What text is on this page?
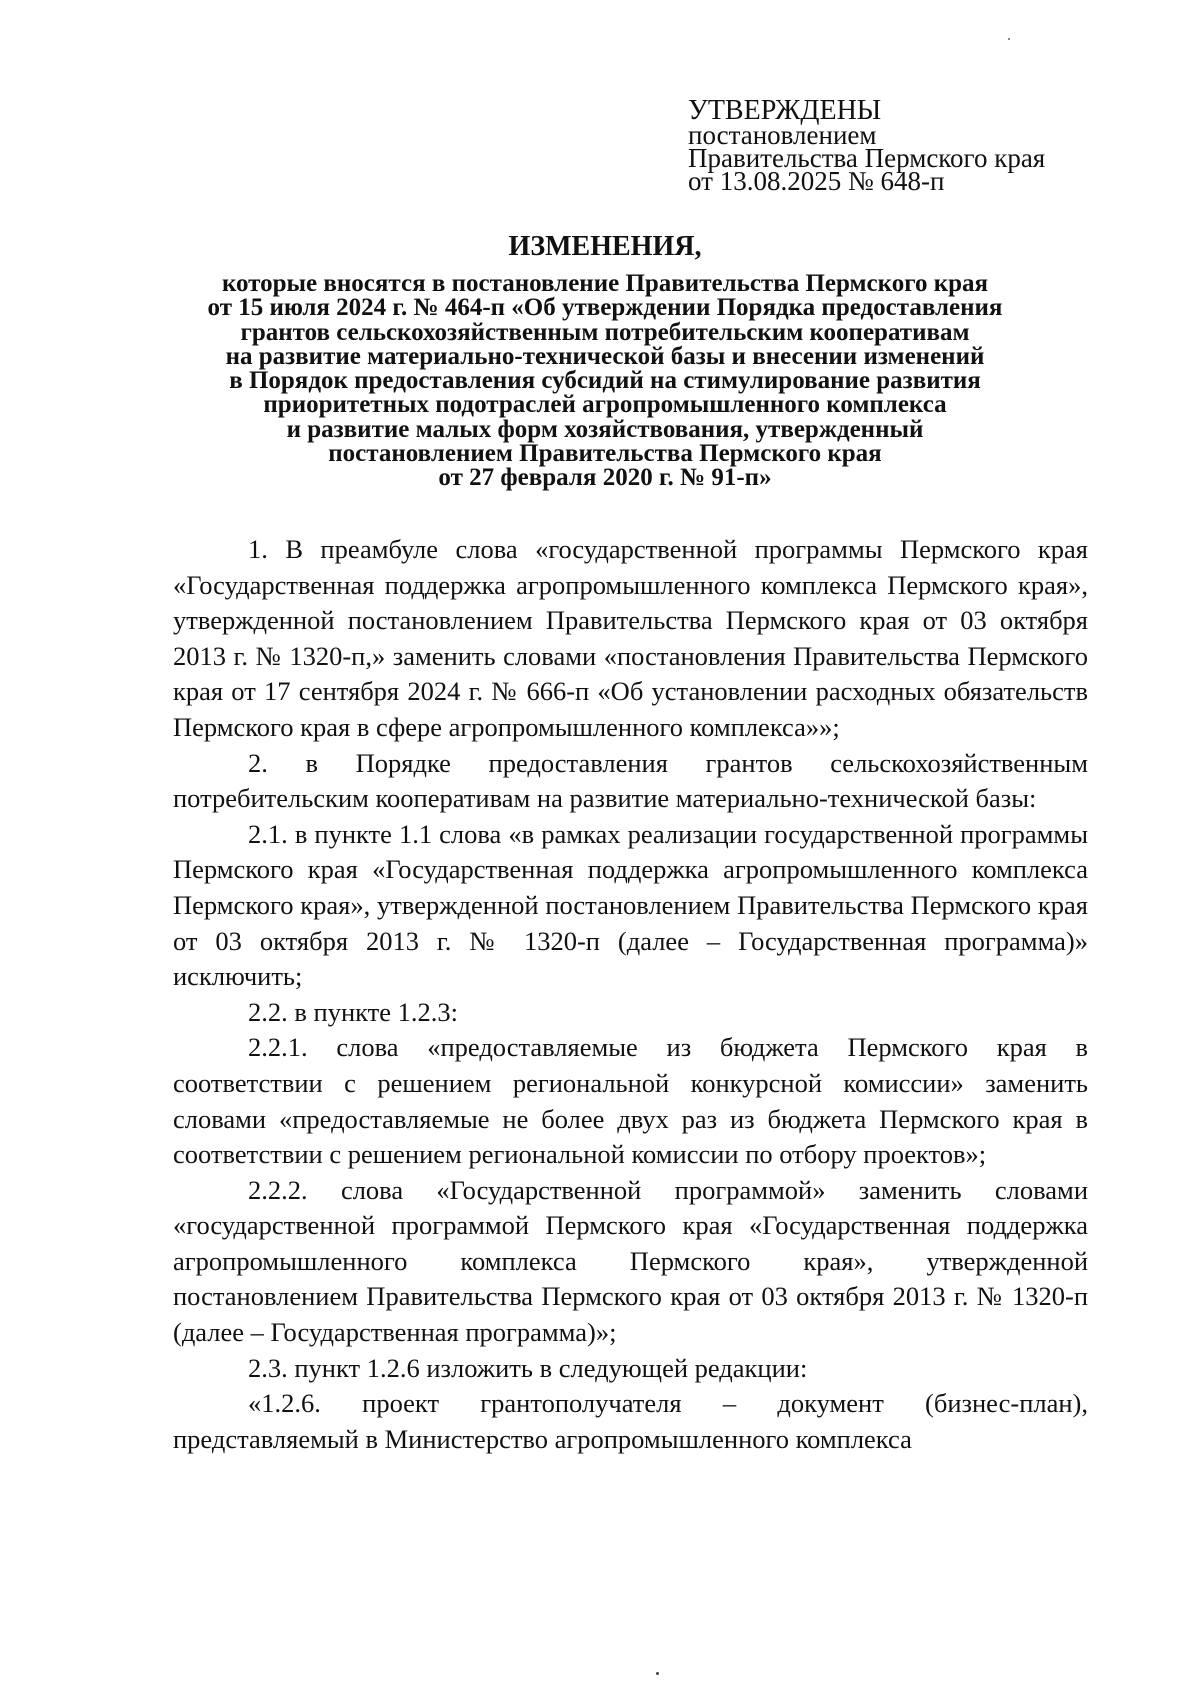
УТВЕРЖДЕНЫ
постановлением
Правительства Пермского края
от 13.08.2025 № 648-п
ИЗМЕНЕНИЯ,
которые вносятся в постановление Правительства Пермского края
от 15 июля 2024 г. № 464-п «Об утверждении Порядка предоставления
грантов сельскохозяйственным потребительским кооперативам
на развитие материально-технической базы и внесении изменений
в Порядок предоставления субсидий на стимулирование развития
приоритетных подотраслей агропромышленного комплекса
и развитие малых форм хозяйствования, утвержденный
постановлением Правительства Пермского края
от 27 февраля 2020 г. № 91-п»

1. В преамбуле слова «государственной программы Пермского края «Государственная поддержка агропромышленного комплекса Пермского края», утвержденной постановлением Правительства Пермского края от 03 октября 2013 г. № 1320-п,» заменить словами «постановления Правительства Пермского края от 17 сентября 2024 г. № 666-п «Об установлении расходных обязательств Пермского края в сфере агропромышленного комплекса»»;

2. в Порядке предоставления грантов сельскохозяйственным потребительским кооперативам на развитие материально-технической базы:

2.1. в пункте 1.1 слова «в рамках реализации государственной программы Пермского края «Государственная поддержка агропромышленного комплекса Пермского края», утвержденной постановлением Правительства Пермского края от 03 октября 2013 г. № 1320-п (далее – Государственная программа)» исключить;

2.2. в пункте 1.2.3:

2.2.1. слова «предоставляемые из бюджета Пермского края в соответствии с решением региональной конкурсной комиссии» заменить словами «предоставляемые не более двух раз из бюджета Пермского края в соответствии с решением региональной комиссии по отбору проектов»;

2.2.2. слова «Государственной программой» заменить словами «государственной программой Пермского края «Государственная поддержка агропромышленного комплекса Пермского края», утвержденной постановлением Правительства Пермского края от 03 октября 2013 г. № 1320-п (далее – Государственная программа)»;

2.3. пункт 1.2.6 изложить в следующей редакции:

«1.2.6. проект грантополучателя – документ (бизнес-план), представляемый в Министерство агропромышленного комплекса
